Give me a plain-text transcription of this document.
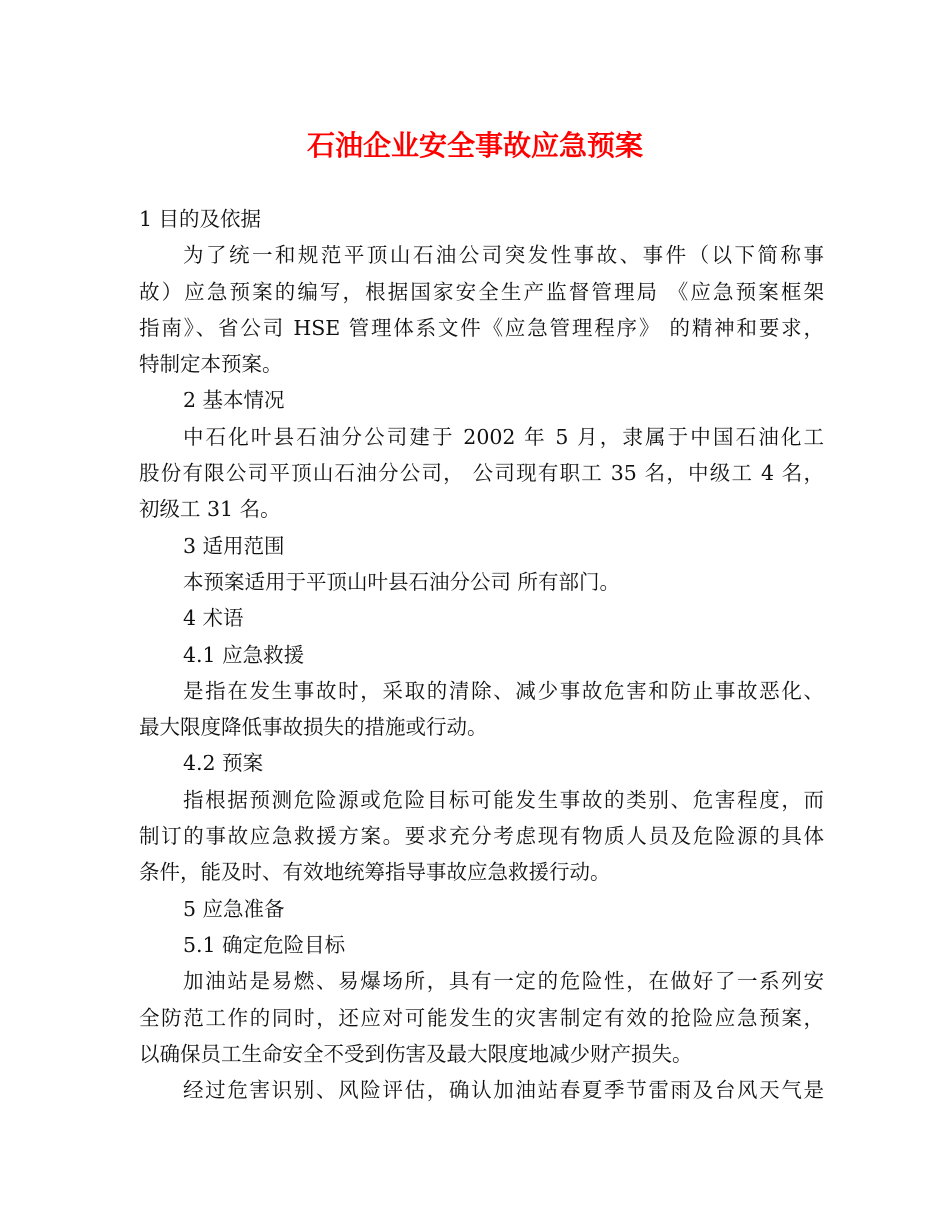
石油企业安全事故应急预案
1 目的及依据
为了统一和规范平顶山石油公司突发性事故、事件（以下简称事
故）应急预案的编写，根据国家安全生产监督管理局 《应急预案框架
指南》、省公司 HSE 管理体系文件《应急管理程序》 的精神和要求，
特制定本预案。
2 基本情况
中石化叶县石油分公司建于 2002 年 5 月，隶属于中国石油化工
股份有限公司平顶山石油分公司， 公司现有职工 35 名，中级工 4 名，
初级工 31 名。
3 适用范围
本预案适用于平顶山叶县石油分公司 所有部门。
4 术语
4.1 应急救援
是指在发生事故时，采取的清除、减少事故危害和防止事故恶化、
最大限度降低事故损失的措施或行动。
4.2 预案
指根据预测危险源或危险目标可能发生事故的类别、危害程度，而
制订的事故应急救援方案。要求充分考虑现有物质人员及危险源的具体
条件，能及时、有效地统筹指导事故应急救援行动。
5 应急准备
5.1 确定危险目标
加油站是易燃、易爆场所，具有一定的危险性，在做好了一系列安
全防范工作的同时，还应对可能发生的灾害制定有效的抢险应急预案，
以确保员工生命安全不受到伤害及最大限度地减少财产损失。
经过危害识别、风险评估，确认加油站春夏季节雷雨及台风天气是
